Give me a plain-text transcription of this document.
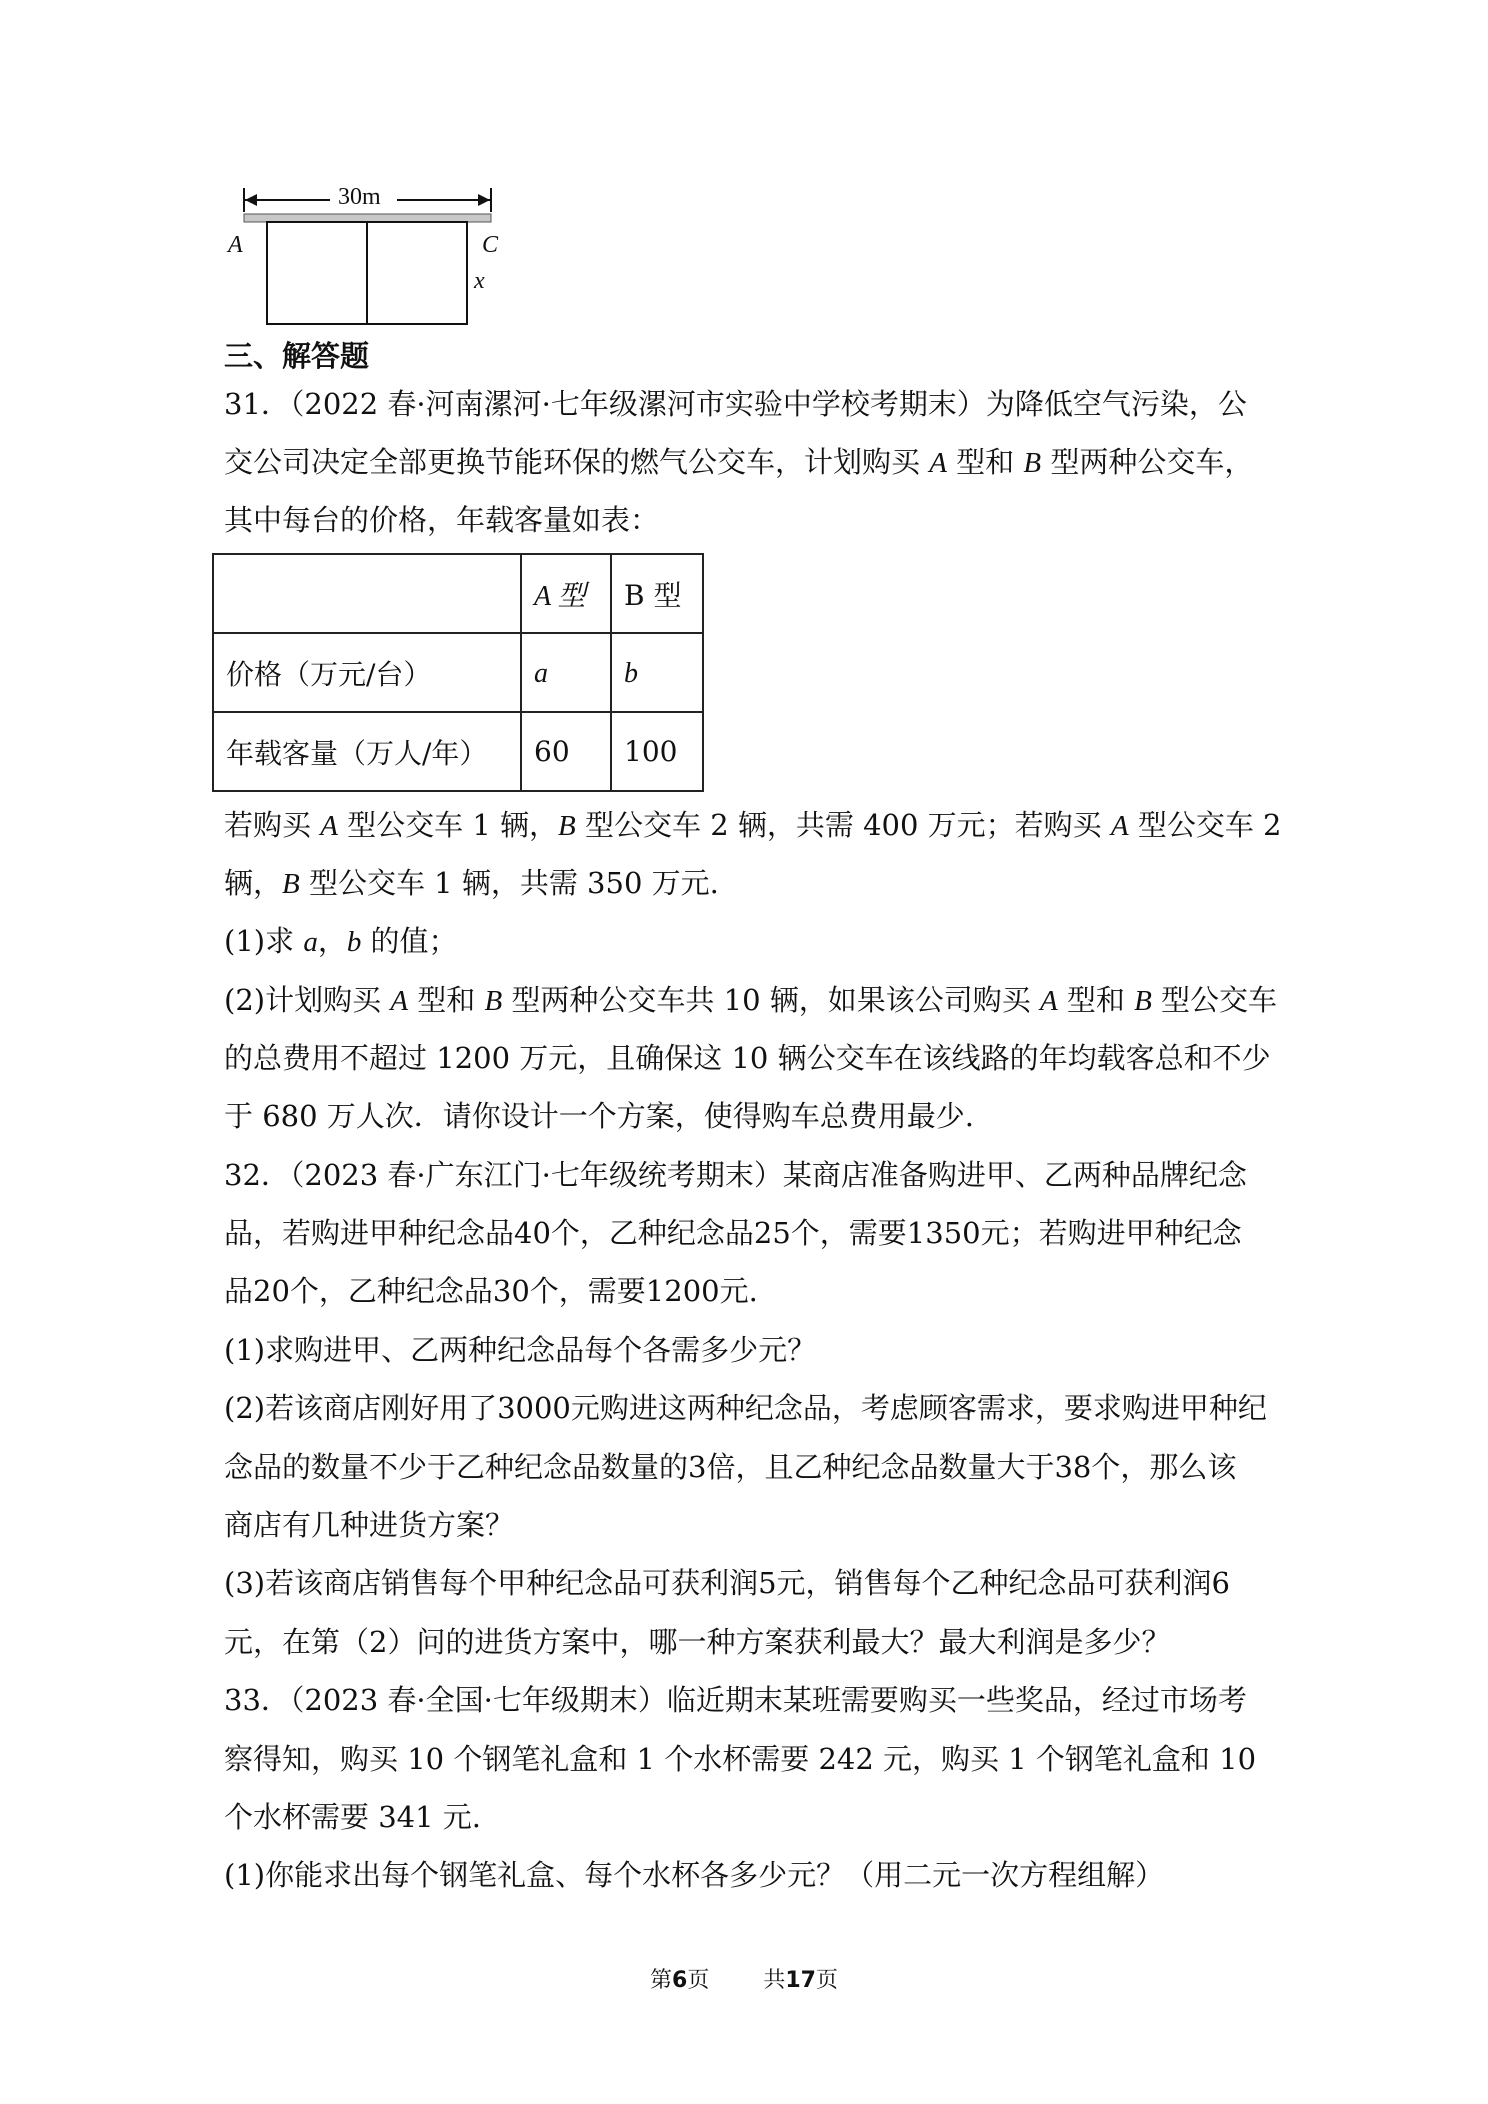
30m
A	C
x
三、解答题
31．（2022 春·河南漯河·七年级漯河市实验中学校考期末）为降低空气污染，公
交公司决定全部更换节能环保的燃气公交车，计划购买 A 型和 B 型两种公交车，
其中每台的价格，年载客量如表：
	A 型	B 型
价格（万元/台）	a	b
年载客量（万人/年）	60	100
若购买 A 型公交车 1 辆，B 型公交车 2 辆，共需 400 万元；若购买 A 型公交车 2
辆，B 型公交车 1 辆，共需 350 万元.
(1)求 a，b 的值；
(2)计划购买 A 型和 B 型两种公交车共 10 辆，如果该公司购买 A 型和 B 型公交车
的总费用不超过 1200 万元，且确保这 10 辆公交车在该线路的年均载客总和不少
于 680 万人次．请你设计一个方案，使得购车总费用最少.
32．（2023 春·广东江门·七年级统考期末）某商店准备购进甲、乙两种品牌纪念
品，若购进甲种纪念品40个，乙种纪念品25个，需要1350元；若购进甲种纪念
品20个，乙种纪念品30个，需要1200元.
(1)求购进甲、乙两种纪念品每个各需多少元？
(2)若该商店刚好用了3000元购进这两种纪念品，考虑顾客需求，要求购进甲种纪
念品的数量不少于乙种纪念品数量的3倍，且乙种纪念品数量大于38个，那么该
商店有几种进货方案？
(3)若该商店销售每个甲种纪念品可获利润5元，销售每个乙种纪念品可获利润6
元，在第（2）问的进货方案中，哪一种方案获利最大？最大利润是多少？
33．（2023 春·全国·七年级期末）临近期末某班需要购买一些奖品，经过市场考
察得知，购买 10 个钢笔礼盒和 1 个水杯需要 242 元，购买 1 个钢笔礼盒和 10
个水杯需要 341 元.
(1)你能求出每个钢笔礼盒、每个水杯各多少元？（用二元一次方程组解）
第6页 共17页
